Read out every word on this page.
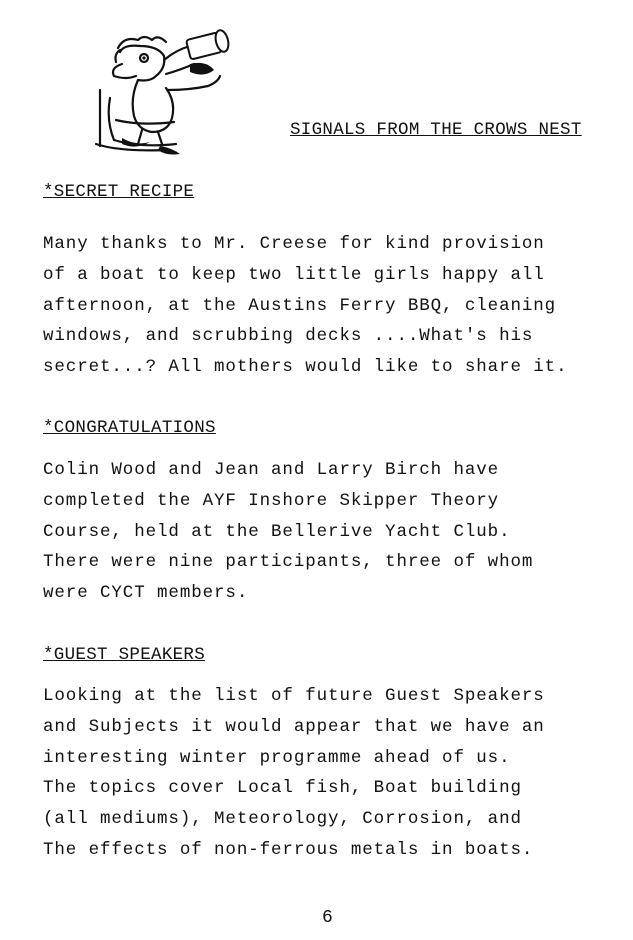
SIGNALS FROM THE CROWS NEST
*SECRET RECIPE
Many thanks to Mr. Creese for kind provision
of a boat to keep two little girls happy all
afternoon, at the Austins Ferry BBQ, cleaning
windows, and scrubbing decks ....What's his
secret...? All mothers would like to share it.
*CONGRATULATIONS
Colin Wood and Jean and Larry Birch have
completed the AYF Inshore Skipper Theory
Course, held at the Bellerive Yacht Club.
There were nine participants, three of whom
were CYCT members.
*GUEST SPEAKERS
Looking at the list of future Guest Speakers
and Subjects it would appear that we have an
interesting winter programme ahead of us.
The topics cover Local fish, Boat building
(all mediums), Meteorology, Corrosion, and
The effects of non-ferrous metals in boats.
6
